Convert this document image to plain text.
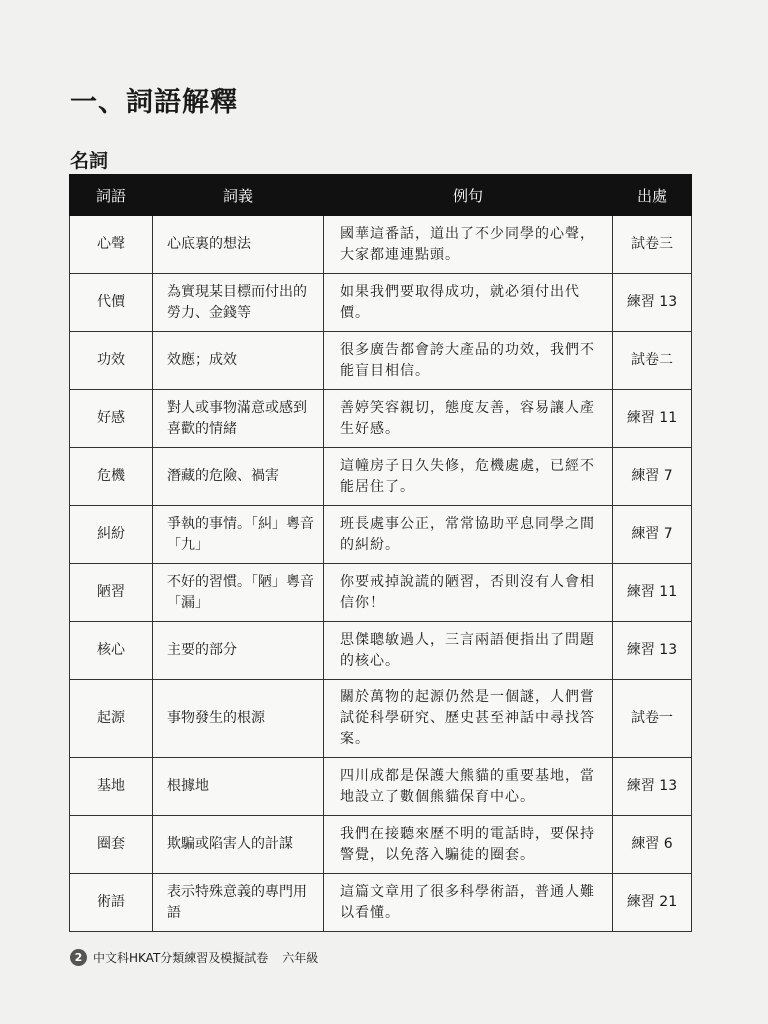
一、詞語解釋
名詞
詞語	詞義	例句	出處
心聲	心底裏的想法	國華這番話，道出了不少同學的心聲，大家都連連點頭。	試卷三
代價	為實現某目標而付出的勞力、金錢等	如果我們要取得成功，就必須付出代價。	練習 13
功效	效應；成效	很多廣告都會誇大產品的功效，我們不能盲目相信。	試卷二
好感	對人或事物滿意或感到喜歡的情緒	善婷笑容親切，態度友善，容易讓人產生好感。	練習 11
危機	潛藏的危險、禍害	這幢房子日久失修，危機處處，已經不能居住了。	練習 7
糾紛	爭執的事情。「糾」粵音「九」	班長處事公正，常常協助平息同學之間的糾紛。	練習 7
陋習	不好的習慣。「陋」粵音「漏」	你要戒掉說謊的陋習，否則沒有人會相信你！	練習 11
核心	主要的部分	思傑聰敏過人，三言兩語便指出了問題的核心。	練習 13
起源	事物發生的根源	關於萬物的起源仍然是一個謎，人們嘗試從科學研究、歷史甚至神話中尋找答案。	試卷一
基地	根據地	四川成都是保護大熊貓的重要基地，當地設立了數個熊貓保育中心。	練習 13
圈套	欺騙或陷害人的計謀	我們在接聽來歷不明的電話時，要保持警覺，以免落入騙徒的圈套。	練習 6
術語	表示特殊意義的專門用語	這篇文章用了很多科學術語，普通人難以看懂。	練習 21
2 中文科HKAT分類練習及模擬試卷 六年級
